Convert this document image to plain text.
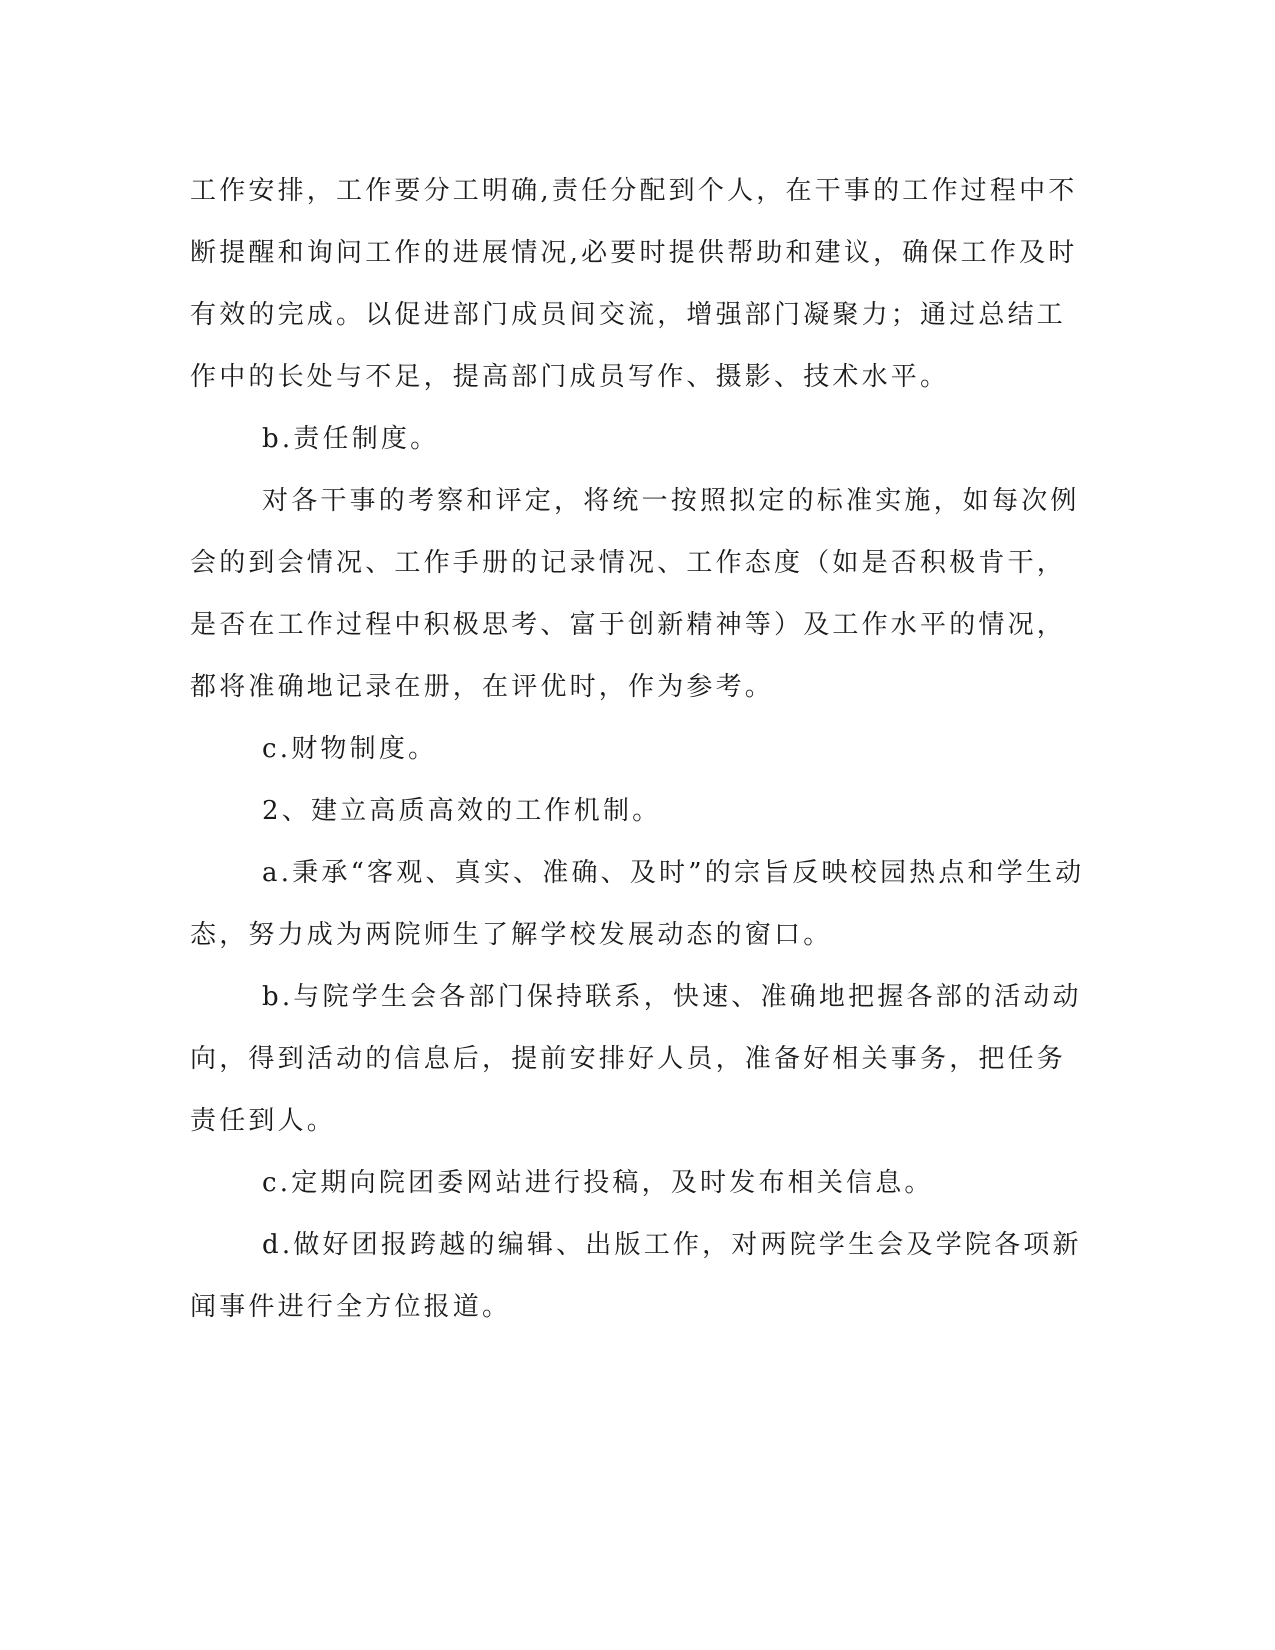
工作安排，工作要分工明确,责任分配到个人，在干事的工作过程中不断提醒和询问工作的进展情况,必要时提供帮助和建议，确保工作及时有效的完成。以促进部门成员间交流，增强部门凝聚力；通过总结工作中的长处与不足，提高部门成员写作、摄影、技术水平。

b.责任制度。

对各干事的考察和评定，将统一按照拟定的标准实施，如每次例会的到会情况、工作手册的记录情况、工作态度（如是否积极肯干，是否在工作过程中积极思考、富于创新精神等）及工作水平的情况，都将准确地记录在册，在评优时，作为参考。

c.财物制度。

2、建立高质高效的工作机制。

a.秉承“客观、真实、准确、及时”的宗旨反映校园热点和学生动态，努力成为两院师生了解学校发展动态的窗口。

b.与院学生会各部门保持联系，快速、准确地把握各部的活动动向，得到活动的信息后，提前安排好人员，准备好相关事务，把任务责任到人。

c.定期向院团委网站进行投稿，及时发布相关信息。

d.做好团报跨越的编辑、出版工作，对两院学生会及学院各项新闻事件进行全方位报道。
